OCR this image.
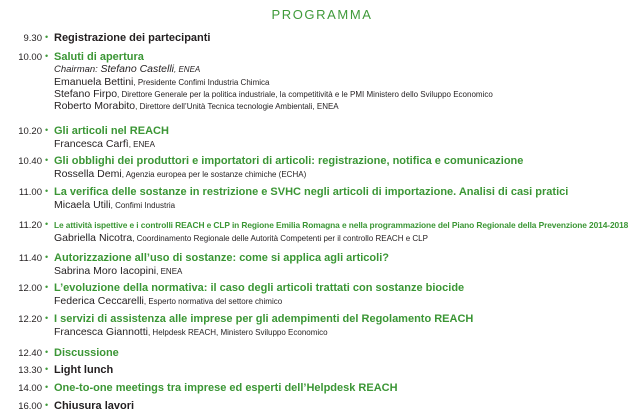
PROGRAMMA
9.30 • Registrazione dei partecipanti
10.00 • Saluti di apertura
Chairman: Stefano Castelli, ENEA
Emanuela Bettini, Presidente Confimi Industria Chimica
Stefano Firpo, Direttore Generale per la politica industriale, la competitività e le PMI Ministero dello Sviluppo Economico
Roberto Morabito, Direttore dell’Unità Tecnica tecnologie Ambientali, ENEA
10.20 • Gli articoli nel REACH
Francesca Carfì, ENEA
10.40 • Gli obblighi dei produttori e importatori di articoli: registrazione, notifica e comunicazione
Rossella Demi, Agenzia europea per le sostanze chimiche (ECHA)
11.00 • La verifica delle sostanze in restrizione e SVHC negli articoli di importazione. Analisi di casi pratici
Micaela Utili, Confimi Industria
11.20 • Le attività ispettive e i controlli REACH e CLP in Regione Emilia Romagna e nella programmazione del Piano Regionale della Prevenzione 2014-2018
Gabriella Nicotra, Coordinamento Regionale delle Autorità Competenti per il controllo REACH e CLP
11.40 • Autorizzazione all’uso di sostanze: come si applica agli articoli?
Sabrina Moro Iacopini, ENEA
12.00 • L’evoluzione della normativa: il caso degli articoli trattati con sostanze biocide
Federica Ceccarelli, Esperto normativa del settore chimico
12.20 • I servizi di assistenza alle imprese per gli adempimenti del Regolamento REACH
Francesca Giannotti, Helpdesk REACH, Ministero Sviluppo Economico
12.40 • Discussione
13.30 • Light lunch
14.00 • One-to-one meetings tra imprese ed esperti dell’Helpdesk REACH
16.00 • Chiusura lavori
